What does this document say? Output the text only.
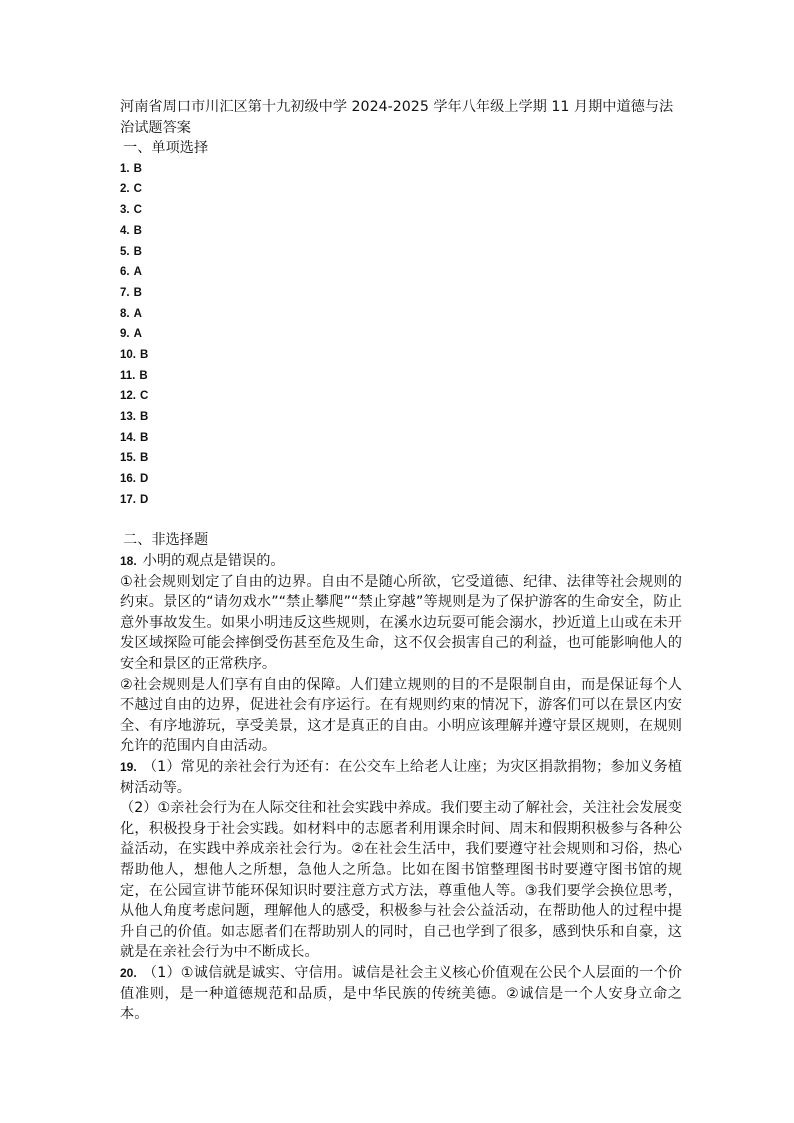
河南省周口市川汇区第十九初级中学 2024-2025 学年八年级上学期 11 月期中道德与法治试题答案
一、单项选择
1. B
2. C
3. C
4. B
5. B
6. A
7. B
8. A
9. A
10. B
11. B
12. C
13. B
14. B
15. B
16. D
17. D
二、非选择题
18. 小明的观点是错误的。

①社会规则划定了自由的边界。自由不是随心所欲，它受道德、纪律、法律等社会规则的约束。景区的“请勿戏水”“禁止攀爬”“禁止穿越”等规则是为了保护游客的生命安全，防止意外事故发生。如果小明违反这些规则，在溪水边玩耍可能会溺水，抄近道上山或在未开发区域探险可能会摔倒受伤甚至危及生命，这不仅会损害自己的利益，也可能影响他人的安全和景区的正常秩序。

②社会规则是人们享有自由的保障。人们建立规则的目的不是限制自由，而是保证每个人不越过自由的边界，促进社会有序运行。在有规则约束的情况下，游客们可以在景区内安全、有序地游玩，享受美景，这才是真正的自由。小明应该理解并遵守景区规则，在规则允许的范围内自由活动。

19. （1）常见的亲社会行为还有：在公交车上给老人让座；为灾区捐款捐物；参加义务植树活动等。

（2）①亲社会行为在人际交往和社会实践中养成。我们要主动了解社会，关注社会发展变化，积极投身于社会实践。如材料中的志愿者利用课余时间、周末和假期积极参与各种公益活动，在实践中养成亲社会行为。②在社会生活中，我们要遵守社会规则和习俗，热心帮助他人，想他人之所想，急他人之所急。比如在图书馆整理图书时要遵守图书馆的规定，在公园宣讲节能环保知识时要注意方式方法，尊重他人等。③我们要学会换位思考，从他人角度考虑问题，理解他人的感受，积极参与社会公益活动，在帮助他人的过程中提升自己的价值。如志愿者们在帮助别人的同时，自己也学到了很多，感到快乐和自豪，这就是在亲社会行为中不断成长。

20. （1）①诚信就是诚实、守信用。诚信是社会主义核心价值观在公民个人层面的一个价值准则，是一种道德规范和品质，是中华民族的传统美德。②诚信是一个人安身立命之本。
